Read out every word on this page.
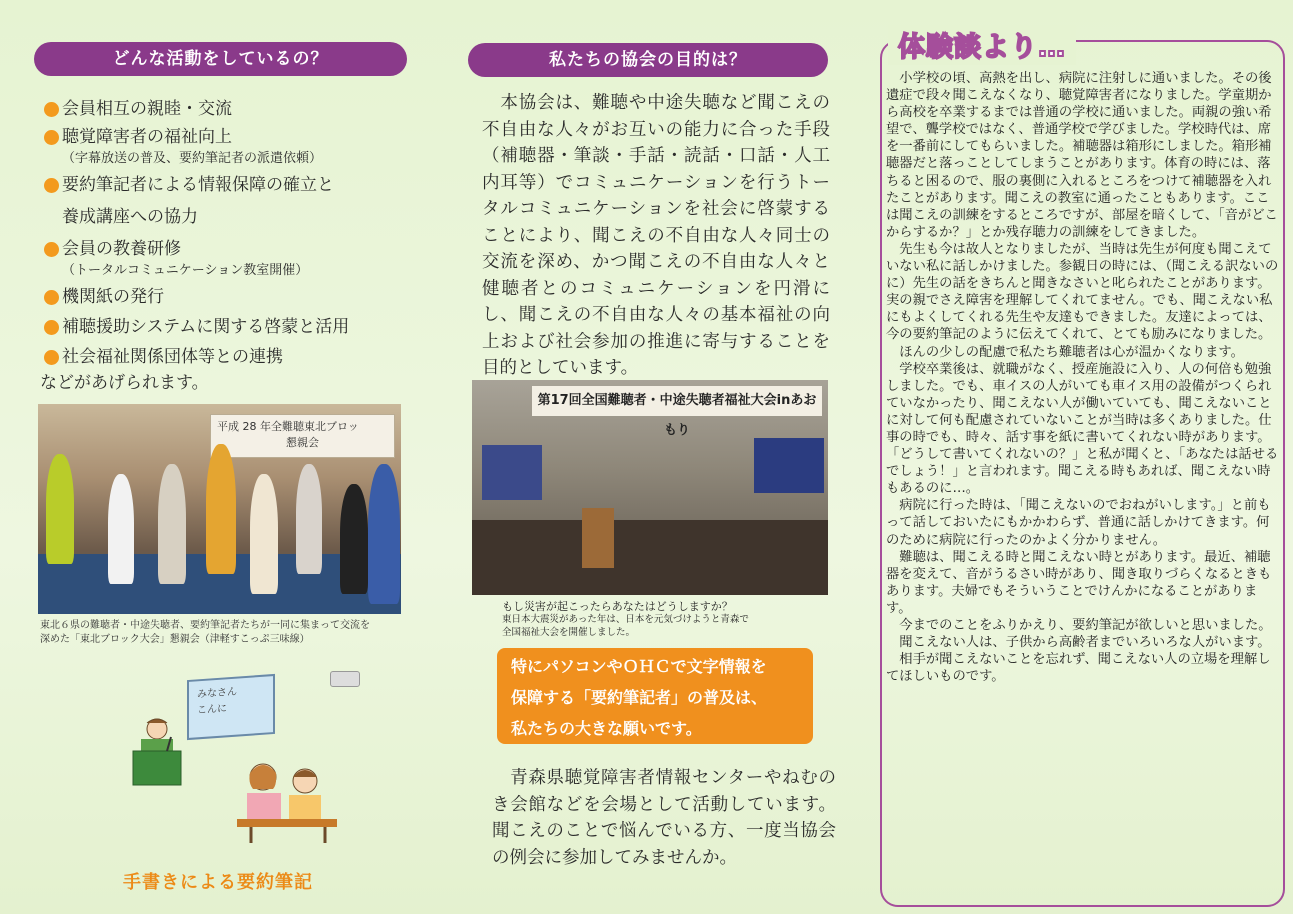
どんな活動をしているの？
会員相互の親睦・交流
聴覚障害者の福祉向上
（字幕放送の普及、要約筆記者の派遣依頼）
要約筆記者による情報保障の確立と
養成講座への協力
会員の教養研修
（トータルコミュニケーション教室開催）
機関紙の発行
補聴援助システムに関する啓蒙と活用
社会福祉関係団体等との連携
などがあげられます。
平成 28 年全難聴東北ブロッ
懇親会
東北６県の難聴者・中途失聴者、要約筆記者たちが一同に集まって交流を
深めた「東北ブロック大会」懇親会（津軽すこっぷ三味線）
みなさん
こんに
手書きによる要約筆記
私たちの協会の目的は？
　本協会は、難聴や中途失聴など聞こえの不自由な人々がお互いの能力に合った手段（補聴器・筆談・手話・読話・口話・人工内耳等）でコミュニケーションを行うトータルコミュニケーションを社会に啓蒙することにより、聞こえの不自由な人々同士の交流を深め、かつ聞こえの不自由な人々と健聴者とのコミュニケーションを円滑にし、聞こえの不自由な人々の基本福祉の向上および社会参加の推進に寄与することを目的としています。
第17回全国難聴者・中途失聴者福祉大会inあおもり
もし災害が起こったらあなたはどうしますか？
東日本大震災があった年は、日本を元気づけようと青森で
全国福祉大会を開催しました。
特にパソコンやＯＨＣで文字情報を
保障する「要約筆記者」の普及は、
私たちの大きな願いです。
　青森県聴覚障害者情報センターやねむのき会館などを会場として活動しています。聞こえのことで悩んでいる方、一度当協会の例会に参加してみませんか。
体験談より…

小学校の頃、高熱を出し、病院に注射しに通いました。その後遺症で段々聞こえなくなり、聴覚障害者になりました。学童期から高校を卒業するまでは普通の学校に通いました。両親の強い希望で、聾学校ではなく、普通学校で学びました。学校時代は、席を一番前にしてもらいました。補聴器は箱形にしました。箱形補聴器だと落っことしてしまうことがあります。体育の時には、落ちると困るので、服の裏側に入れるところをつけて補聴器を入れたことがあります。聞こえの教室に通ったこともあります。ここは聞こえの訓練をするところですが、部屋を暗くして、「音がどこからするか？」とか残存聴力の訓練をしてきました。

先生も今は故人となりましたが、当時は先生が何度も聞こえていない私に話しかけました。参観日の時には、（聞こえる訳ないのに）先生の話をきちんと聞きなさいと叱られたことがあります。実の親でさえ障害を理解してくれてません。でも、聞こえない私にもよくしてくれる先生や友達もできました。友達によっては、今の要約筆記のように伝えてくれて、とても励みになりました。

ほんの少しの配慮で私たち難聴者は心が温かくなります。

学校卒業後は、就職がなく、授産施設に入り、人の何倍も勉強しました。でも、車イスの人がいても車イス用の設備がつくられていなかったり、聞こえない人が働いていても、聞こえないことに対して何も配慮されていないことが当時は多くありました。仕事の時でも、時々、話す事を紙に書いてくれない時があります。「どうして書いてくれないの？」と私が聞くと、「あなたは話せるでしょう！」と言われます。聞こえる時もあれば、聞こえない時もあるのに…。

病院に行った時は、「聞こえないのでおねがいします。」と前もって話しておいたにもかかわらず、普通に話しかけてきます。何のために病院に行ったのかよく分かりません。

難聴は、聞こえる時と聞こえない時とがあります。最近、補聴器を変えて、音がうるさい時があり、聞き取りづらくなるときもあります。夫婦でもそういうことでけんかになることがあります。

今までのことをふりかえり、要約筆記が欲しいと思いました。

聞こえない人は、子供から高齢者までいろいろな人がいます。

相手が聞こえないことを忘れず、聞こえない人の立場を理解してほしいものです。
